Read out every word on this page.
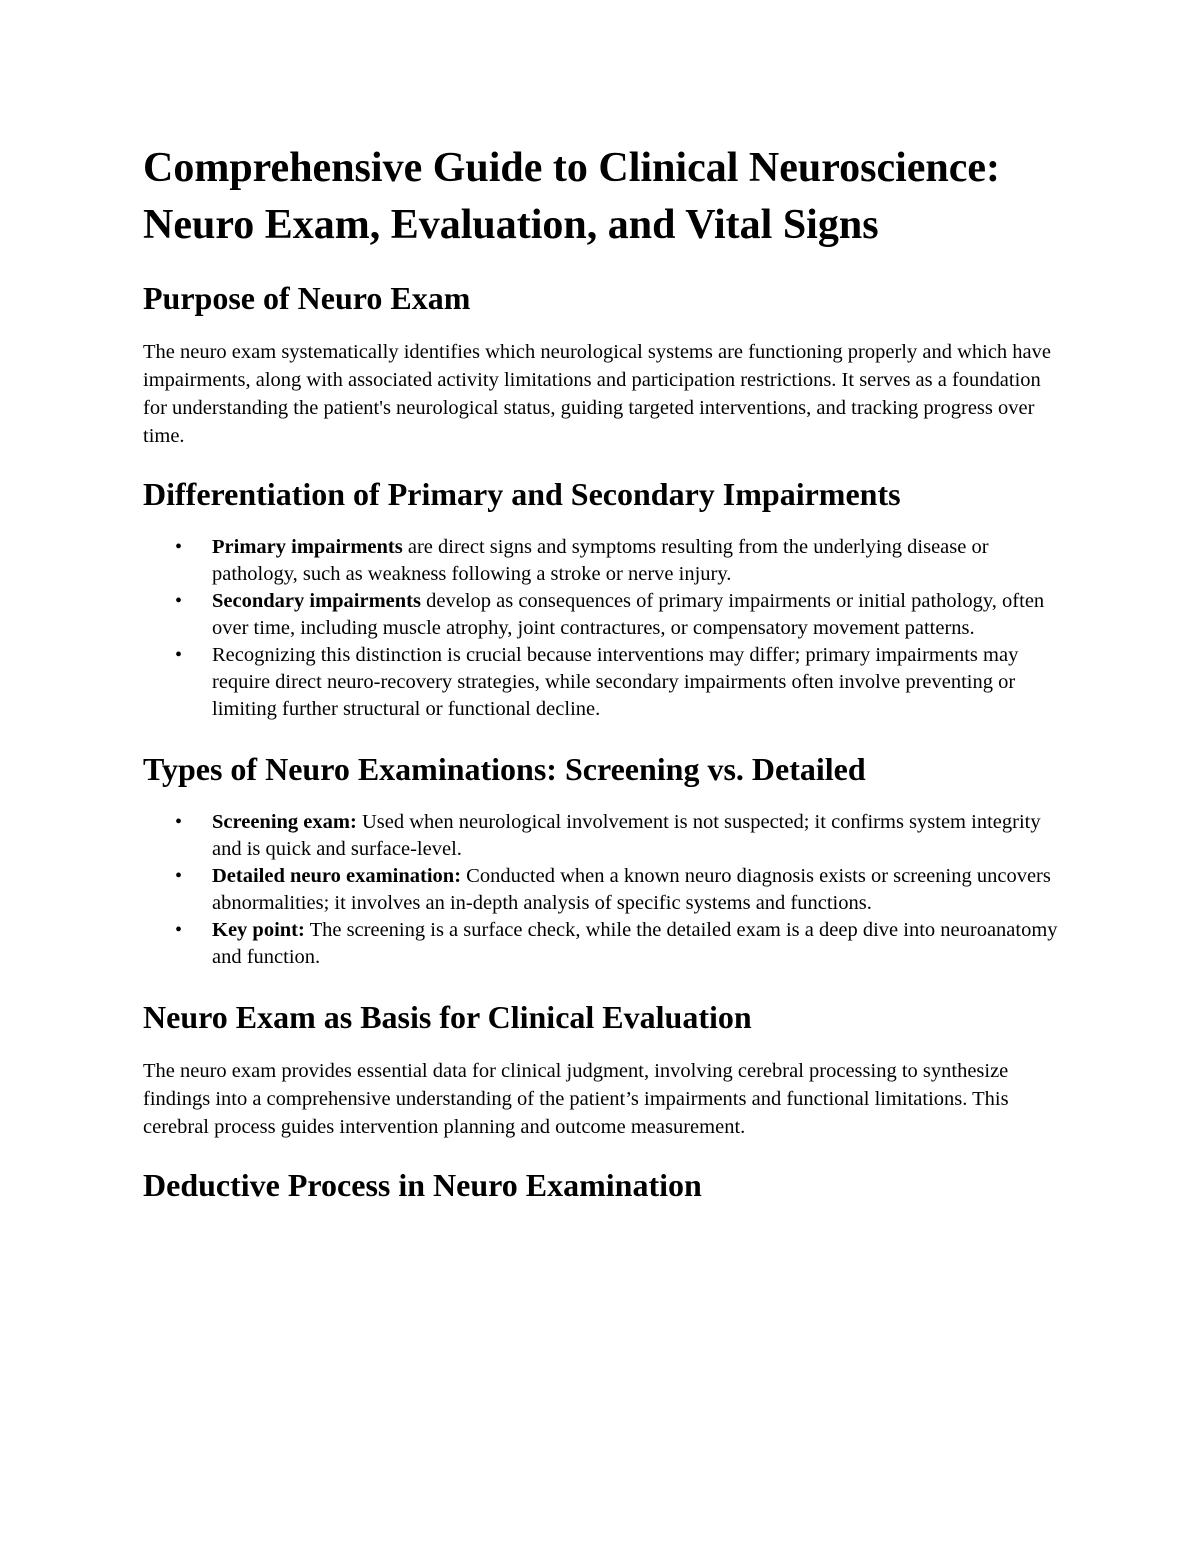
Comprehensive Guide to Clinical Neuroscience: Neuro Exam, Evaluation, and Vital Signs
Purpose of Neuro Exam

The neuro exam systematically identifies which neurological systems are functioning properly and which have impairments, along with associated activity limitations and participation restrictions. It serves as a foundation for understanding the patient's neurological status, guiding targeted interventions, and tracking progress over time.

Differentiation of Primary and Secondary Impairments
• Primary impairments are direct signs and symptoms resulting from the underlying disease or pathology, such as weakness following a stroke or nerve injury.
• Secondary impairments develop as consequences of primary impairments or initial pathology, often over time, including muscle atrophy, joint contractures, or compensatory movement patterns.
• Recognizing this distinction is crucial because interventions may differ; primary impairments may require direct neuro-recovery strategies, while secondary impairments often involve preventing or limiting further structural or functional decline.
Types of Neuro Examinations: Screening vs. Detailed
• Screening exam: Used when neurological involvement is not suspected; it confirms system integrity and is quick and surface-level.
• Detailed neuro examination: Conducted when a known neuro diagnosis exists or screening uncovers abnormalities; it involves an in-depth analysis of specific systems and functions.
• Key point: The screening is a surface check, while the detailed exam is a deep dive into neuroanatomy and function.
Neuro Exam as Basis for Clinical Evaluation

The neuro exam provides essential data for clinical judgment, involving cerebral processing to synthesize findings into a comprehensive understanding of the patient’s impairments and functional limitations. This cerebral process guides intervention planning and outcome measurement.

Deductive Process in Neuro Examination
